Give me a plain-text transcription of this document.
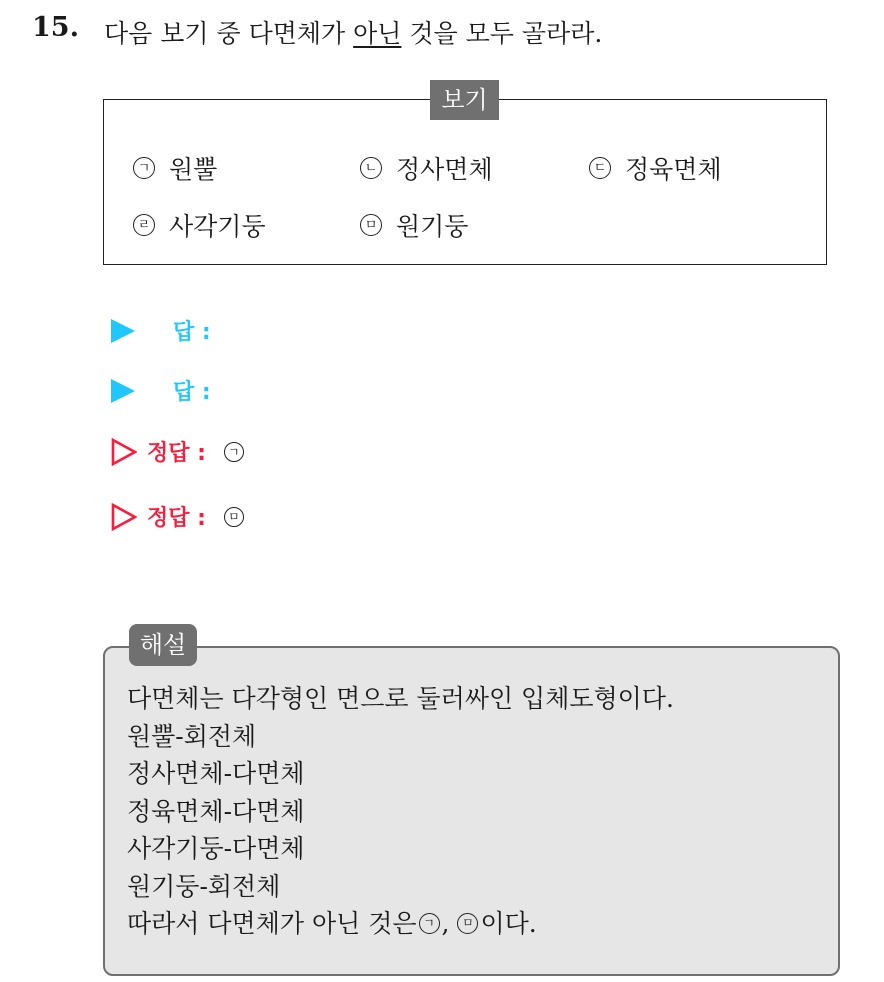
15. 다음 보기 중 다면체가 아닌 것을 모두 골라라.
보기
ㄱ 원뿔	ㄴ 정사면체	ㄷ 정육면체
ㄹ 사각기둥	ㅁ 원기둥
답 :
답 :
정답 :	ㄱ
정답 :	ㅁ
해설
다면체는 다각형인 면으로 둘러싸인 입체도형이다.
원뿔-회전체
정사면체-다면체
정육면체-다면체
사각기둥-다면체
원기둥-회전체
따라서 다면체가 아닌 것은 ㄱ ,	ㅁ 이다.
